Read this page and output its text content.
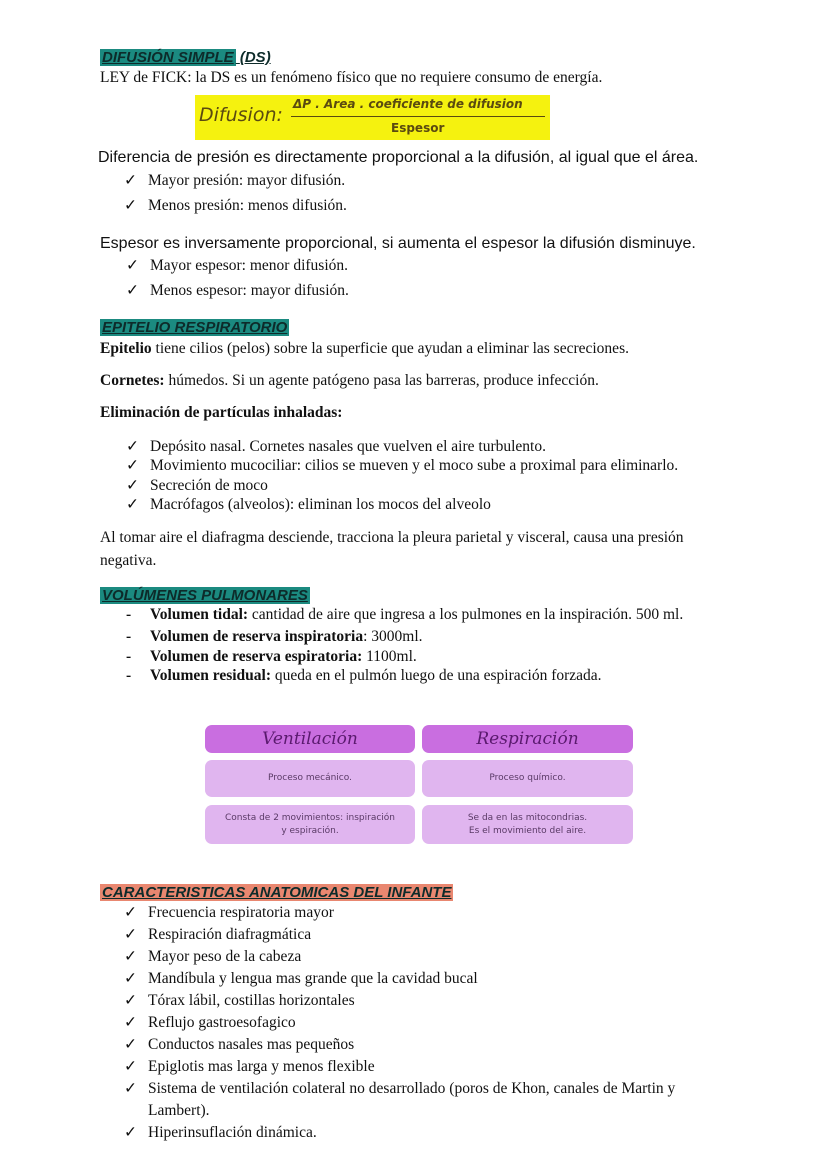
DIFUSIÓN SIMPLE (DS)
LEY de FICK: la DS es un fenómeno físico que no requiere consumo de energía.
Difusion: ΔP . Area . coeficiente de difusion
Espesor
Diferencia de presión es directamente proporcional a la difusión, al igual que el área.
✓ Mayor presión: mayor difusión.
✓ Menos presión: menos difusión.
Espesor es inversamente proporcional, si aumenta el espesor la difusión disminuye.
✓ Mayor espesor: menor difusión.
✓ Menos espesor: mayor difusión.
EPITELIO RESPIRATORIO
Epitelio tiene cilios (pelos) sobre la superficie que ayudan a eliminar las secreciones.
Cornetes: húmedos. Si un agente patógeno pasa las barreras, produce infección.
Eliminación de partículas inhaladas:
✓ Depósito nasal. Cornetes nasales que vuelven el aire turbulento.
✓ Movimiento mucociliar: cilios se mueven y el moco sube a proximal para eliminarlo.
✓ Secreción de moco
✓ Macrófagos (alveolos): eliminan los mocos del alveolo
Al tomar aire el diafragma desciende, tracciona la pleura parietal y visceral, causa una presión
negativa.
VOLÚMENES PULMONARES
- Volumen tidal: cantidad de aire que ingresa a los pulmones en la inspiración. 500 ml.
- Volumen de reserva inspiratoria: 3000ml.
- Volumen de reserva espiratoria: 1100ml.
- Volumen residual: queda en el pulmón luego de una espiración forzada.
Ventilación	Respiración
Proceso mecánico.	Proceso químico.
Consta de 2 movimientos: inspiración y espiración.
Se da en las mitocondrias. Es el movimiento del aire.
CARACTERISTICAS ANATOMICAS DEL INFANTE
✓ Frecuencia respiratoria mayor
✓ Respiración diafragmática
✓ Mayor peso de la cabeza
✓ Mandíbula y lengua mas grande que la cavidad bucal
✓ Tórax lábil, costillas horizontales
✓ Reflujo gastroesofagico
✓ Conductos nasales mas pequeños
✓ Epiglotis mas larga y menos flexible
✓ Sistema de ventilación colateral no desarrollado (poros de Khon, canales de Martin y
Lambert).
✓ Hiperinsuflación dinámica.
